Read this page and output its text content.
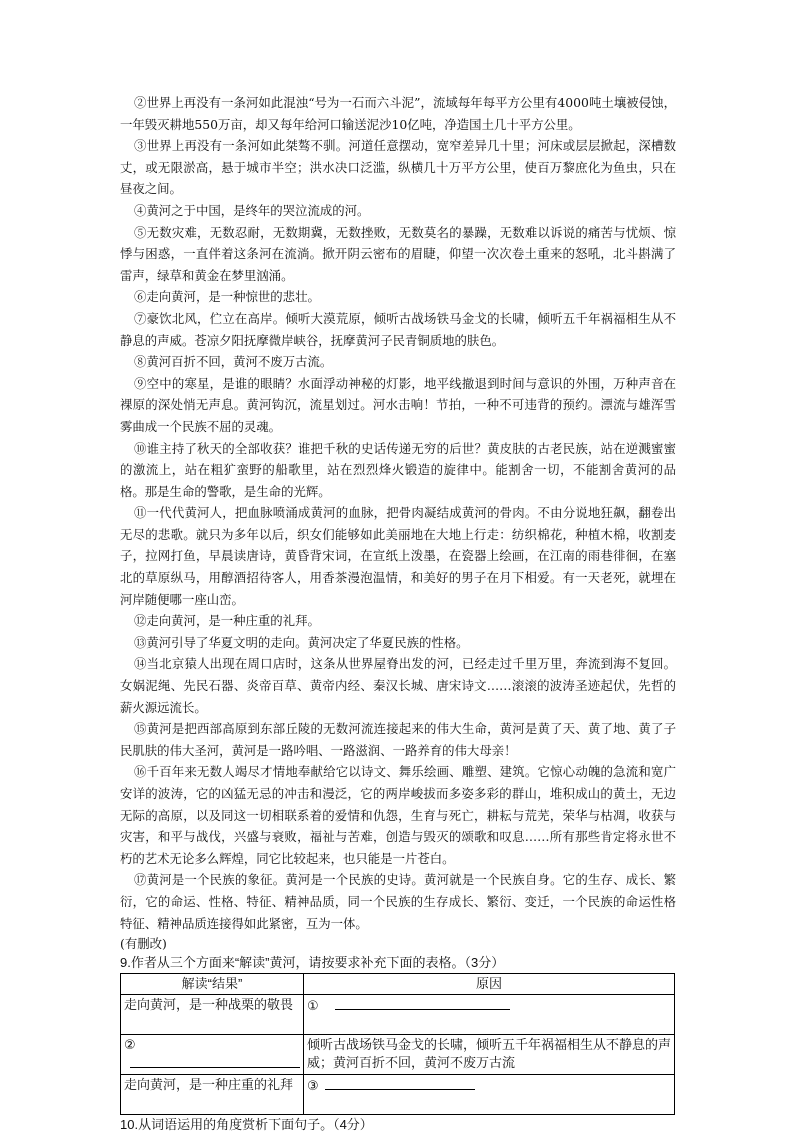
②世界上再没有一条河如此混浊“号为一石而六斗泥”，流域每年每平方公里有4000吨土壤被侵蚀，一年毁灭耕地550万亩，却又每年给河口输送泥沙10亿吨，净造国土几十平方公里。

③世界上再没有一条河如此桀骜不驯。河道任意摆动，宽窄差异几十里；河床或层层掀起，深槽数丈，或无限淤高，悬于城市半空；洪水决口泛滥，纵横几十万平方公里，使百万黎庶化为鱼虫，只在昼夜之间。

④黄河之于中国，是终年的哭泣流成的河。

⑤无数灾难，无数忍耐，无数期冀，无数挫败，无数莫名的暴躁，无数难以诉说的痛苦与忧烦、惊悸与困惑，一直伴着这条河在流淌。掀开阴云密布的眉睫，仰望一次次卷土重来的怒吼，北斗斟满了雷声，绿草和黄金在梦里汹涌。

⑥走向黄河，是一种惊世的悲壮。

⑦豪饮北风，伫立在高岸。倾听大漠荒原，倾听古战场铁马金戈的长啸，倾听五千年祸福相生从不静息的声威。苍凉夕阳抚摩微岸峡谷，抚摩黄河子民青铜质地的肤色。

⑧黄河百折不回，黄河不废万古流。

⑨空中的寒星，是谁的眼睛？水面浮动神秘的灯影，地平线撤退到时间与意识的外围，万种声音在裸原的深处悄无声息。黄河钩沉，流星划过。河水击响！节拍，一种不可违背的预约。漂流与雄浑雪雾曲成一个民族不屈的灵魂。

⑩谁主持了秋天的全部收获？谁把千秋的史话传递无穷的后世？黄皮肤的古老民族，站在逆溅蜜蜜的激流上，站在粗犷蛮野的船歌里，站在烈烈烽火锻造的旋律中。能割舍一切，不能割舍黄河的品格。那是生命的警歌，是生命的光辉。

⑪一代代黄河人，把血脉喷涌成黄河的血脉，把骨肉凝结成黄河的骨肉。不由分说地狂飙，翻卷出无尽的悲歌。就只为多年以后，织女们能够如此美丽地在大地上行走：纺织棉花，种植木棉，收割麦子，拉网打鱼，早晨读唐诗，黄昏背宋词，在宣纸上泼墨，在瓷器上绘画，在江南的雨巷徘徊，在塞北的草原纵马，用醇酒招待客人，用香茶漫泡温情，和美好的男子在月下相爱。有一天老死，就埋在河岸随便哪一座山峦。

⑫走向黄河，是一种庄重的礼拜。

⑬黄河引导了华夏文明的走向。黄河决定了华夏民族的性格。

⑭当北京猿人出现在周口店时，这条从世界屋脊出发的河，已经走过千里万里，奔流到海不复回。女娲泥绳、先民石器、炎帝百草、黄帝内经、秦汉长城、唐宋诗文……滚滚的波涛圣迹起伏，先哲的薪火源远流长。

⑮黄河是把西部高原到东部丘陵的无数河流连接起来的伟大生命，黄河是黄了天、黄了地、黄了子民肌肤的伟大圣河，黄河是一路吟唱、一路滋润、一路养育的伟大母亲！

⑯千百年来无数人竭尽才情地奉献给它以诗文、舞乐绘画、雕塑、建筑。它惊心动魄的急流和宽广安详的波涛，它的凶猛无忌的冲击和漫泛，它的两岸峻拔而多姿多彩的群山，堆积成山的黄土，无边无际的高原，以及同这一切相联系着的爱情和仇怨，生育与死亡，耕耘与荒芜，荣华与枯凋，收获与灾害，和平与战伐，兴盛与衰败，福祉与苦难，创造与毁灭的颂歌和叹息……所有那些肯定将永世不朽的艺术无论多么辉煌，同它比较起来，也只能是一片苍白。

⑰黄河是一个民族的象征。黄河是一个民族的史诗。黄河就是一个民族自身。它的生存、成长、繁衍，它的命运、性格、特征、精神品质，同一个民族的生存成长、繁衍、变迁，一个民族的命运性格特征、精神品质连接得如此紧密，互为一体。

(有删改)

9.作者从三个方面来“解读”黄河，请按要求补充下面的表格。（3分）

解读“结果”	原因
走向黄河，是一种战栗的敬畏	①
②	倾听古战场铁马金戈的长啸，倾听五千年祸福相生从不静息的声威；黄河百折不回，黄河不废万古流
走向黄河，是一种庄重的礼拜	③

10.从词语运用的角度赏析下面句子。（4分）
